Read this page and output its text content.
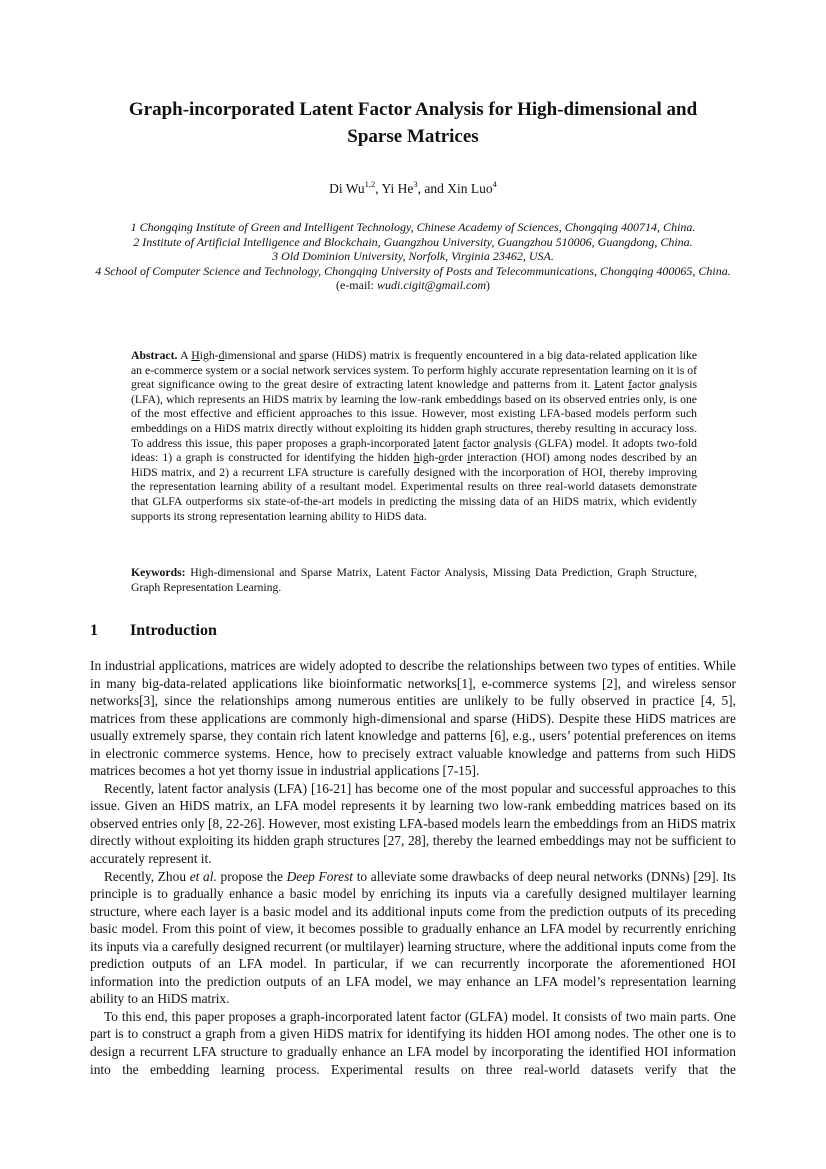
Graph-incorporated Latent Factor Analysis for High-dimensional and Sparse Matrices
Di Wu$^{1,2}$, Yi He$^3$, and Xin Luo$^4$
1 Chongqing Institute of Green and Intelligent Technology, Chinese Academy of Sciences, Chongqing 400714, China.
2 Institute of Artificial Intelligence and Blockchain, Guangzhou University, Guangzhou 510006, Guangdong, China.
3 Old Dominion University, Norfolk, Virginia 23462, USA.
4 School of Computer Science and Technology, Chongqing University of Posts and Telecommunications, Chongqing 400065, China.
(e-mail: wudi.cigit@gmail.com)
Abstract. A High-dimensional and sparse (HiDS) matrix is frequently encountered in a big data-related application like an e-commerce system or a social network services system. To perform highly accurate representation learning on it is of great significance owing to the great desire of extracting latent knowledge and patterns from it. Latent factor analysis (LFA), which represents an HiDS matrix by learning the low-rank embeddings based on its observed entries only, is one of the most effective and efficient approaches to this issue. However, most existing LFA-based models perform such embeddings on a HiDS matrix directly without exploiting its hidden graph structures, thereby resulting in accuracy loss. To address this issue, this paper proposes a graph-incorporated latent factor analysis (GLFA) model. It adopts two-fold ideas: 1) a graph is constructed for identifying the hidden high-order interaction (HOI) among nodes described by an HiDS matrix, and 2) a recurrent LFA structure is carefully designed with the incorporation of HOI, thereby improving the representation learning ability of a resultant model. Experimental results on three real-world datasets demonstrate that GLFA outperforms six state-of-the-art models in predicting the missing data of an HiDS matrix, which evidently supports its strong representation learning ability to HiDS data.
Keywords: High-dimensional and Sparse Matrix, Latent Factor Analysis, Missing Data Prediction, Graph Structure, Graph Representation Learning.
1 Introduction

In industrial applications, matrices are widely adopted to describe the relationships between two types of entities. While in many big-data-related applications like bioinformatic networks[1], e-commerce systems [2], and wireless sensor networks[3], since the relationships among numerous entities are unlikely to be fully observed in practice [4, 5], matrices from these applications are commonly high-dimensional and sparse (HiDS). Despite these HiDS matrices are usually extremely sparse, they contain rich latent knowledge and patterns [6], e.g., users’ potential preferences on items in electronic commerce systems. Hence, how to precisely extract valuable knowledge and patterns from such HiDS matrices becomes a hot yet thorny issue in industrial applications [7-15].

Recently, latent factor analysis (LFA) [16-21] has become one of the most popular and successful approaches to this issue. Given an HiDS matrix, an LFA model represents it by learning two low-rank embedding matrices based on its observed entries only [8, 22-26]. However, most existing LFA-based models learn the embeddings from an HiDS matrix directly without exploiting its hidden graph structures [27, 28], thereby the learned embeddings may not be sufficient to accurately represent it.

Recently, Zhou et al. propose the Deep Forest to alleviate some drawbacks of deep neural networks (DNNs) [29]. Its principle is to gradually enhance a basic model by enriching its inputs via a carefully designed multilayer learning structure, where each layer is a basic model and its additional inputs come from the prediction outputs of its preceding basic model. From this point of view, it becomes possible to gradually enhance an LFA model by recurrently enriching its inputs via a carefully designed recurrent (or multilayer) learning structure, where the additional inputs come from the prediction outputs of an LFA model. In particular, if we can recurrently incorporate the aforementioned HOI information into the prediction outputs of an LFA model, we may enhance an LFA model’s representation learning ability to an HiDS matrix.

To this end, this paper proposes a graph-incorporated latent factor (GLFA) model. It consists of two main parts. One part is to construct a graph from a given HiDS matrix for identifying its hidden HOI among nodes. The other one is to design a recurrent LFA structure to gradually enhance an LFA model by incorporating the identified HOI information into the embedding learning process. Experimental results on three real-world datasets verify that the
